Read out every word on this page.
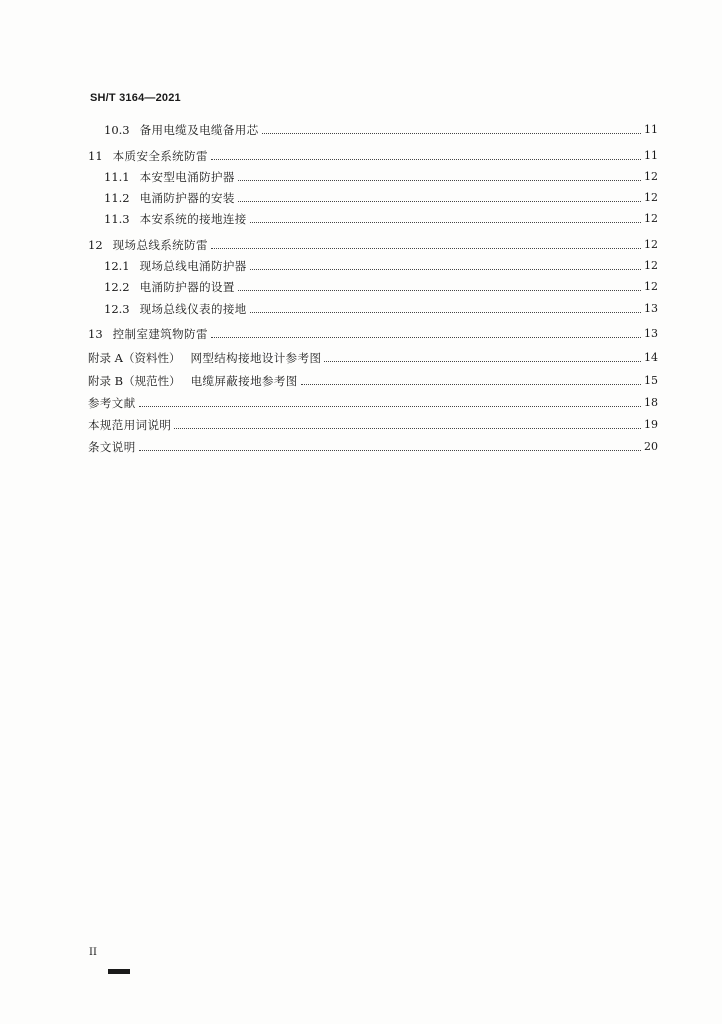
SH/T 3164—2021
10.3 备用电缆及电缆备用芯	11
11 本质安全系统防雷	11
11.1 本安型电涌防护器	12
11.2 电涌防护器的安装	12
11.3 本安系统的接地连接	12
12 现场总线系统防雷	12
12.1 现场总线电涌防护器	12
12.2 电涌防护器的设置	12
12.3 现场总线仪表的接地	13
13 控制室建筑物防雷	13
附录 A（资料性） 网型结构接地设计参考图	14
附录 B（规范性） 电缆屏蔽接地参考图	15
参考文献	18
本规范用词说明	19
条文说明	20
II
